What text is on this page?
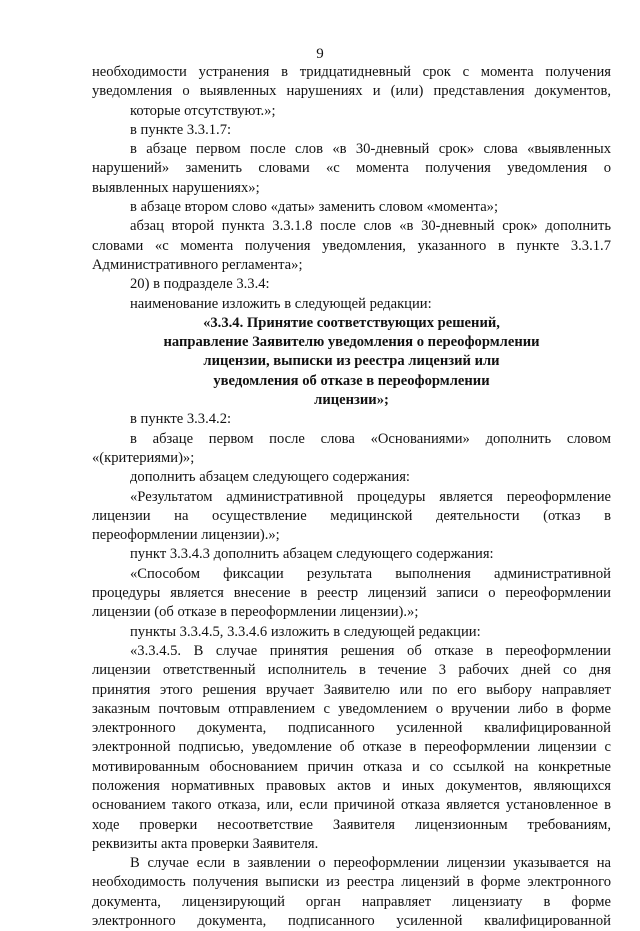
9
необходимости устранения в тридцатидневный срок с момента получения
уведомления о выявленных нарушениях и (или) представления документов,
которые отсутствуют.»;
в пункте 3.3.1.7:
в абзаце первом после слов «в 30-дневный срок» слова «выявленных
нарушений» заменить словами «с момента получения уведомления о
выявленных нарушениях»;
в абзаце втором слово «даты» заменить словом «момента»;
абзац второй пункта 3.3.1.8 после слов «в 30-дневный срок» дополнить
словами «с момента получения уведомления, указанного в пункте 3.3.1.7
Административного регламента»;
20) в подразделе 3.3.4:
наименование изложить в следующей редакции:
«3.3.4. Принятие соответствующих решений,
направление Заявителю уведомления о переоформлении
лицензии, выписки из реестра лицензий или
уведомления об отказе в переоформлении
лицензии»;
в пункте 3.3.4.2:
в абзаце первом после слова «Основаниями» дополнить словом
«(критериями)»;
дополнить абзацем следующего содержания:
«Результатом административной процедуры является переоформление
лицензии на осуществление медицинской деятельности (отказ в
переоформлении лицензии).»;
пункт 3.3.4.3 дополнить абзацем следующего содержания:
«Способом фиксации результата выполнения административной
процедуры является внесение в реестр лицензий записи о переоформлении
лицензии (об отказе в переоформлении лицензии).»;
пункты 3.3.4.5, 3.3.4.6 изложить в следующей редакции:
«3.3.4.5. В случае принятия решения об отказе в переоформлении
лицензии ответственный исполнитель в течение 3 рабочих дней со дня
принятия этого решения вручает Заявителю или по его выбору направляет
заказным почтовым отправлением с уведомлением о вручении либо в форме
электронного документа, подписанного усиленной квалифицированной
электронной подписью, уведомление об отказе в переоформлении лицензии с
мотивированным обоснованием причин отказа и со ссылкой на конкретные
положения нормативных правовых актов и иных документов, являющихся
основанием такого отказа, или, если причиной отказа является установленное в
ходе проверки несоответствие Заявителя лицензионным требованиям,
реквизиты акта проверки Заявителя.
В случае если в заявлении о переоформлении лицензии указывается на
необходимость получения выписки из реестра лицензий в форме электронного
документа, лицензирующий орган направляет лицензиату в форме
электронного документа, подписанного усиленной квалифицированной
